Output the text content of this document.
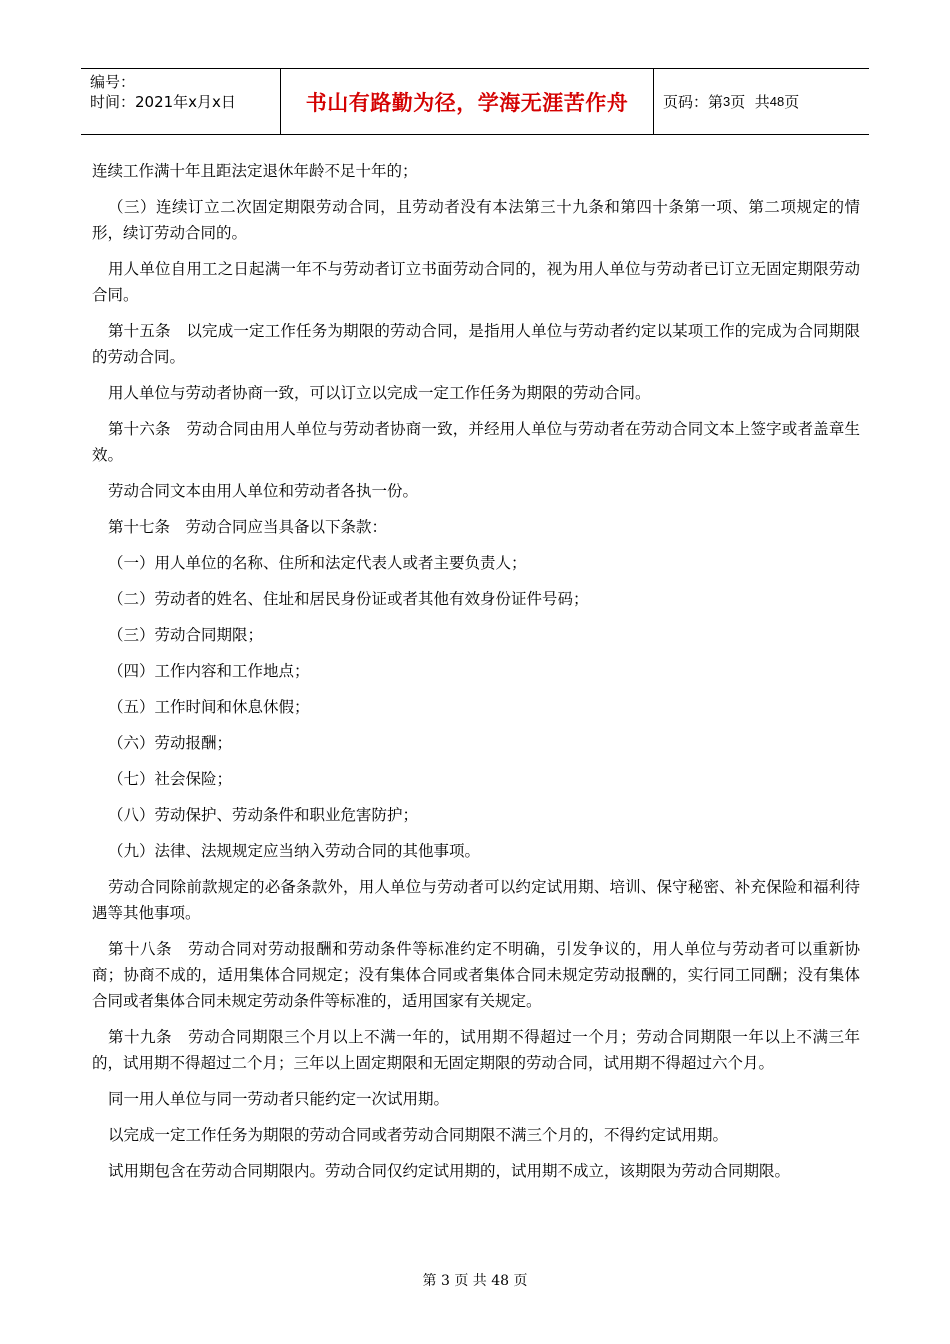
编号：
时间：2021年x月x日	书山有路勤为径，学海无涯苦作舟	页码：第 3 页  共 48 页

连续工作满十年且距法定退休年龄不足十年的；

（三）连续订立二次固定期限劳动合同，且劳动者没有本法第三十九条和第四十条第一项、第二项规定的情形，续订劳动合同的。

用人单位自用工之日起满一年不与劳动者订立书面劳动合同的，视为用人单位与劳动者已订立无固定期限劳动合同。

第十五条　以完成一定工作任务为期限的劳动合同，是指用人单位与劳动者约定以某项工作的完成为合同期限的劳动合同。

用人单位与劳动者协商一致，可以订立以完成一定工作任务为期限的劳动合同。

第十六条　劳动合同由用人单位与劳动者协商一致，并经用人单位与劳动者在劳动合同文本上签字或者盖章生效。

劳动合同文本由用人单位和劳动者各执一份。

第十七条　劳动合同应当具备以下条款：

（一）用人单位的名称、住所和法定代表人或者主要负责人；

（二）劳动者的姓名、住址和居民身份证或者其他有效身份证件号码；

（三）劳动合同期限；

（四）工作内容和工作地点；

（五）工作时间和休息休假；

（六）劳动报酬；

（七）社会保险；

（八）劳动保护、劳动条件和职业危害防护；

（九）法律、法规规定应当纳入劳动合同的其他事项。

劳动合同除前款规定的必备条款外，用人单位与劳动者可以约定试用期、培训、保守秘密、补充保险和福利待遇等其他事项。

第十八条　劳动合同对劳动报酬和劳动条件等标准约定不明确，引发争议的，用人单位与劳动者可以重新协商；协商不成的，适用集体合同规定；没有集体合同或者集体合同未规定劳动报酬的，实行同工同酬；没有集体合同或者集体合同未规定劳动条件等标准的，适用国家有关规定。

第十九条　劳动合同期限三个月以上不满一年的，试用期不得超过一个月；劳动合同期限一年以上不满三年的，试用期不得超过二个月；三年以上固定期限和无固定期限的劳动合同，试用期不得超过六个月。

同一用人单位与同一劳动者只能约定一次试用期。

以完成一定工作任务为期限的劳动合同或者劳动合同期限不满三个月的，不得约定试用期。

试用期包含在劳动合同期限内。劳动合同仅约定试用期的，试用期不成立，该期限为劳动合同期限。

第 3 页 共 48 页
